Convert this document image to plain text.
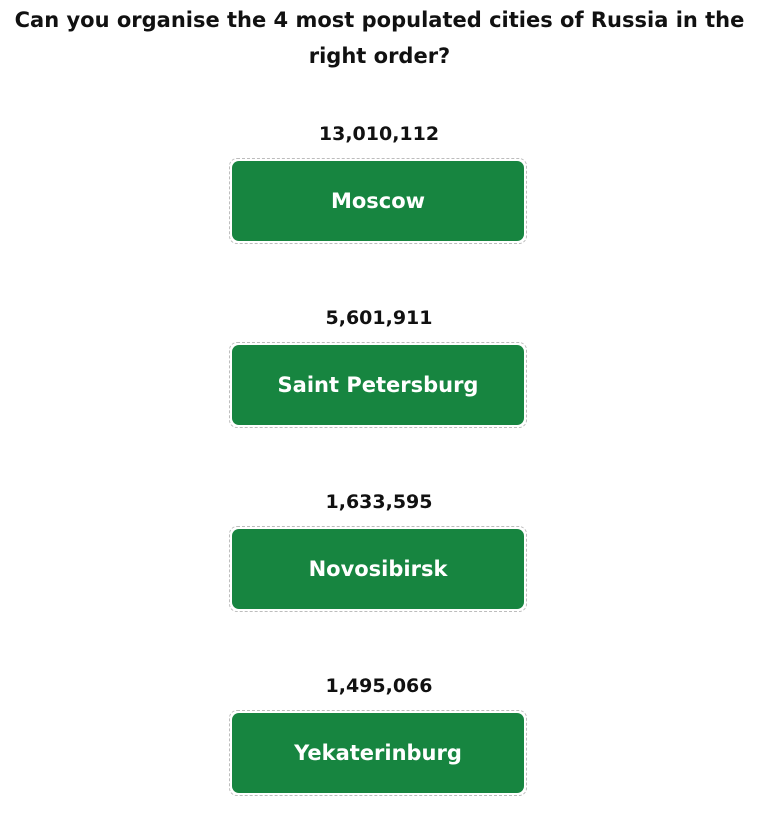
Can you organise the 4 most populated cities of Russia in the right order?
13,010,112
Moscow
5,601,911
Saint Petersburg
1,633,595
Novosibirsk
1,495,066
Yekaterinburg
